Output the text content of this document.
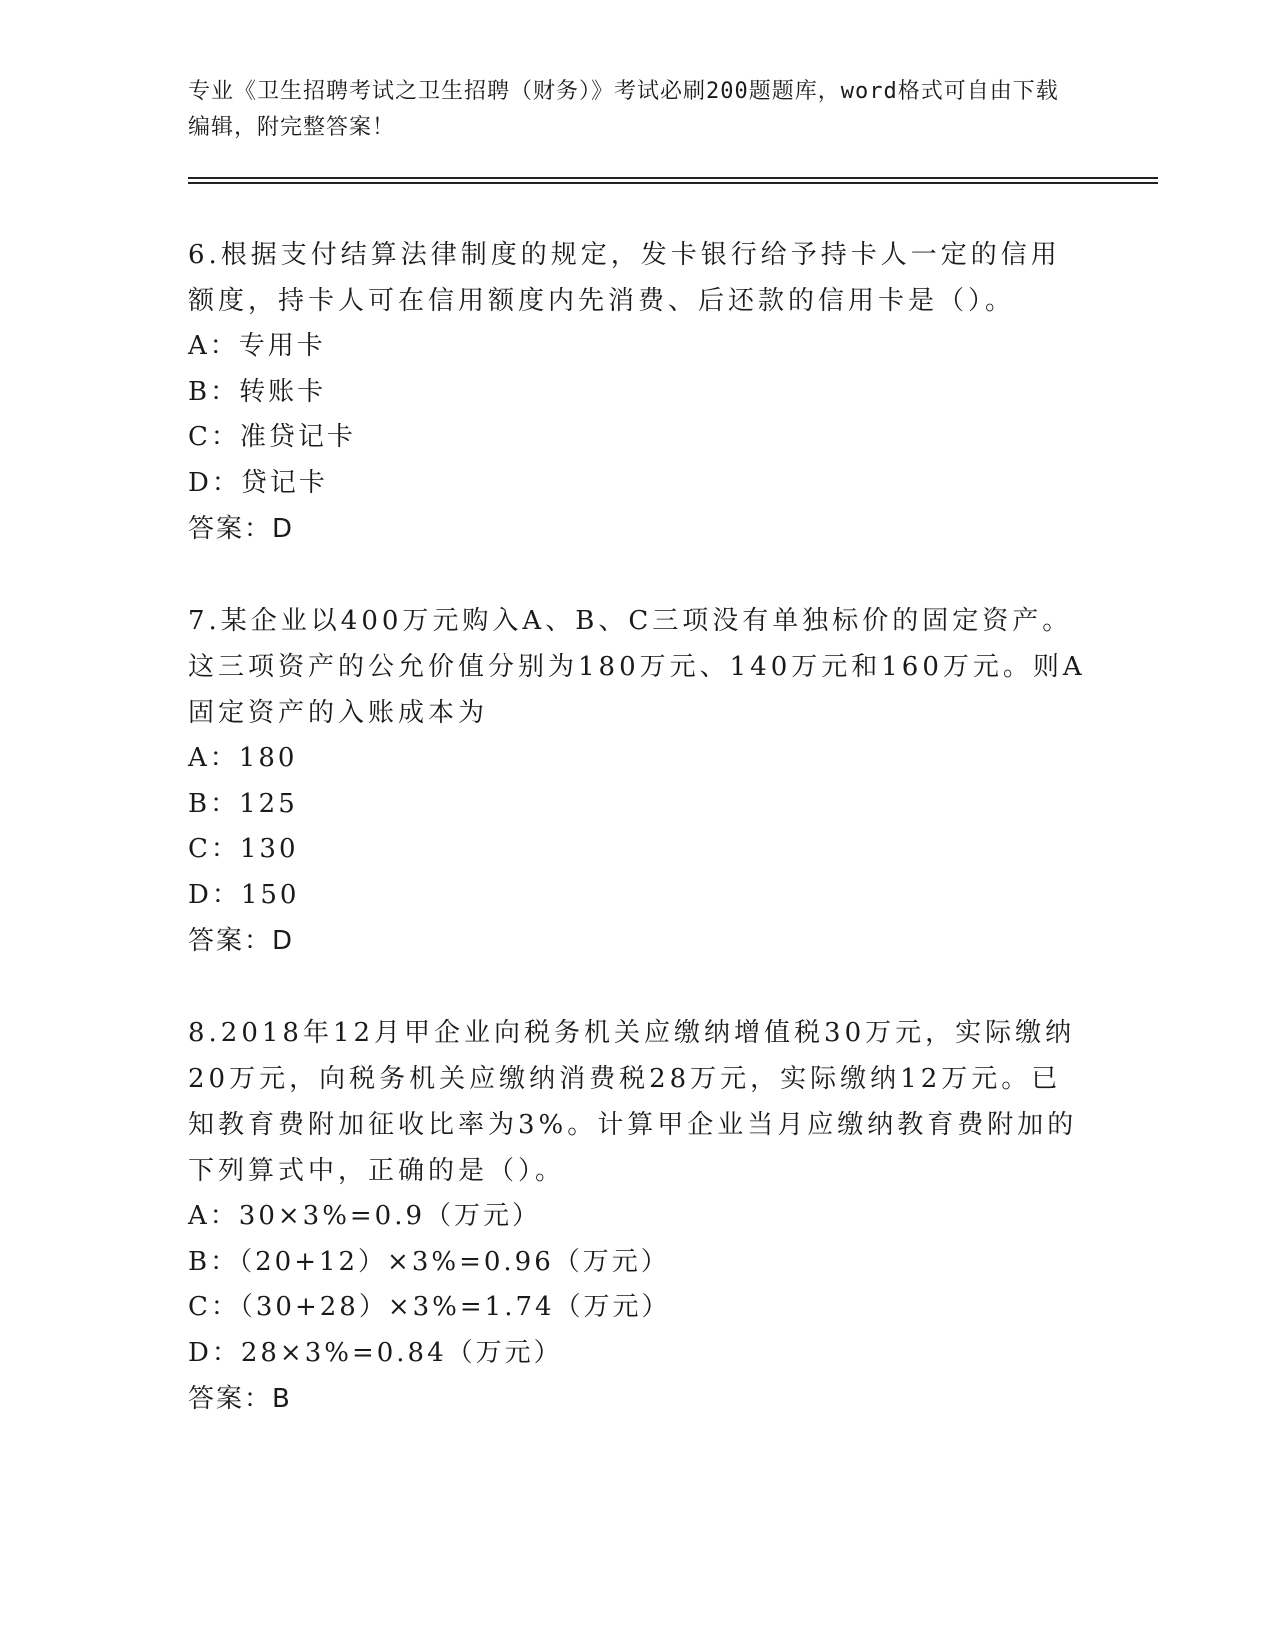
专业《卫生招聘考试之卫生招聘（财务）》考试必刷200题题库，word格式可自由下载编辑，附完整答案！

6.根据支付结算法律制度的规定，发卡银行给予持卡人一定的信用额度，持卡人可在信用额度内先消费、后还款的信用卡是（）。

A：专用卡

B：转账卡

C：准贷记卡

D：贷记卡

答案：D

7.某企业以400万元购入A、B、C三项没有单独标价的固定资产。这三项资产的公允价值分别为180万元、140万元和160万元。则A固定资产的入账成本为

A：180

B：125

C：130

D：150

答案：D

8.2018年12月甲企业向税务机关应缴纳增值税30万元，实际缴纳20万元，向税务机关应缴纳消费税28万元，实际缴纳12万元。已知教育费附加征收比率为3%。计算甲企业当月应缴纳教育费附加的下列算式中，正确的是（）。

A：30×3%=0.9（万元）

B：（20+12）×3%=0.96（万元）

C：（30+28）×3%=1.74（万元）

D：28×3%=0.84（万元）

答案：B
